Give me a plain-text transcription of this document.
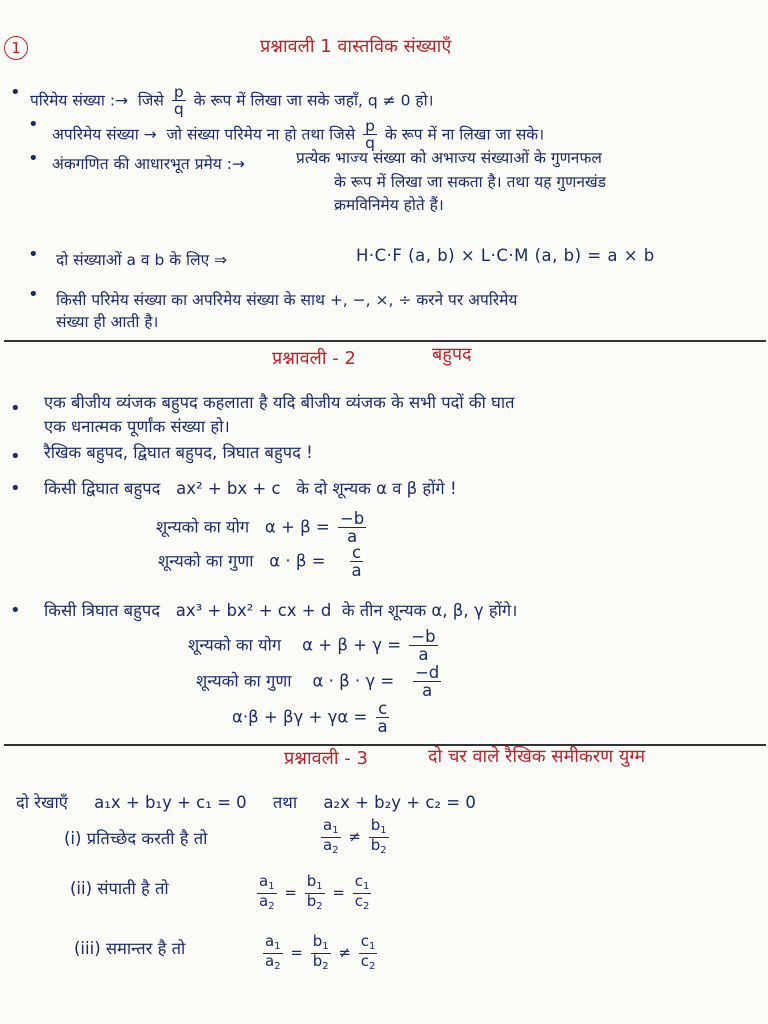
1	प्रश्नावली 1 वास्तविक संख्याएँ
• परिमेय संख्या :→ जिसे $\frac{p}{q}$ के रूप में लिखा जा सके जहाँ, q ≠ 0 हो।
• अपरिमेय संख्या → जो संख्या परिमेय ना हो तथा जिसे $\frac{p}{q}$ के रूप में ना लिखा जा सके।
• अंकगणित की आधारभूत प्रमेय :→	प्रत्येक भाज्य संख्या को अभाज्य संख्याओं के गुणनफल
के रूप में लिखा जा सकता है। तथा यह गुणनखंड
क्रमविनिमेय होते हैं।
• दो संख्याओं a व b के लिए ⇒	H·C·F (a, b) × L·C·M (a, b) = a × b
• किसी परिमेय संख्या का अपरिमेय संख्या के साथ +, −, ×, ÷ करने पर अपरिमेय
संख्या ही आती है।
प्रश्नावली - 2	बहुपद
• एक बीजीय व्यंजक बहुपद कहलाता है यदि बीजीय व्यंजक के सभी पदों की घात
एक धनात्मक पूर्णांक संख्या हो।
• रैखिक बहुपद, द्विघात बहुपद, त्रिघात बहुपद !
• किसी द्विघात बहुपद ax² + bx + c के दो शून्यक α व β होंगे !
शून्यको का योग $\alpha + \beta = \frac{-b}{a}$
शून्यको का गुणा $\alpha \cdot \beta = \frac{c}{a}$
• किसी त्रिघात बहुपद ax³ + bx² + cx + d के तीन शून्यक α, β, γ होंगे।
शून्यको का योग $\alpha + \beta + \gamma = \frac{-b}{a}$
शून्यको का गुणा $\alpha \cdot \beta \cdot \gamma = \frac{-d}{a}$
$\alpha\cdot\beta + \beta\gamma + \gamma\alpha = \frac{c}{a}$
प्रश्नावली - 3	दो चर वाले रैखिक समीकरण युग्म
दो रेखाएँ a₁x + b₁y + c₁ = 0 तथा a₂x + b₂y + c₂ = 0
(i) प्रतिच्छेद करती है तो	$\frac{a_1}{a_2} \ne \frac{b_1}{b_2}$
(ii) संपाती है तो	$\frac{a_1}{a_2} = \frac{b_1}{b_2} = \frac{c_1}{c_2}$
(iii) समान्तर है तो	$\frac{a_1}{a_2} = \frac{b_1}{b_2} \ne \frac{c_1}{c_2}$
